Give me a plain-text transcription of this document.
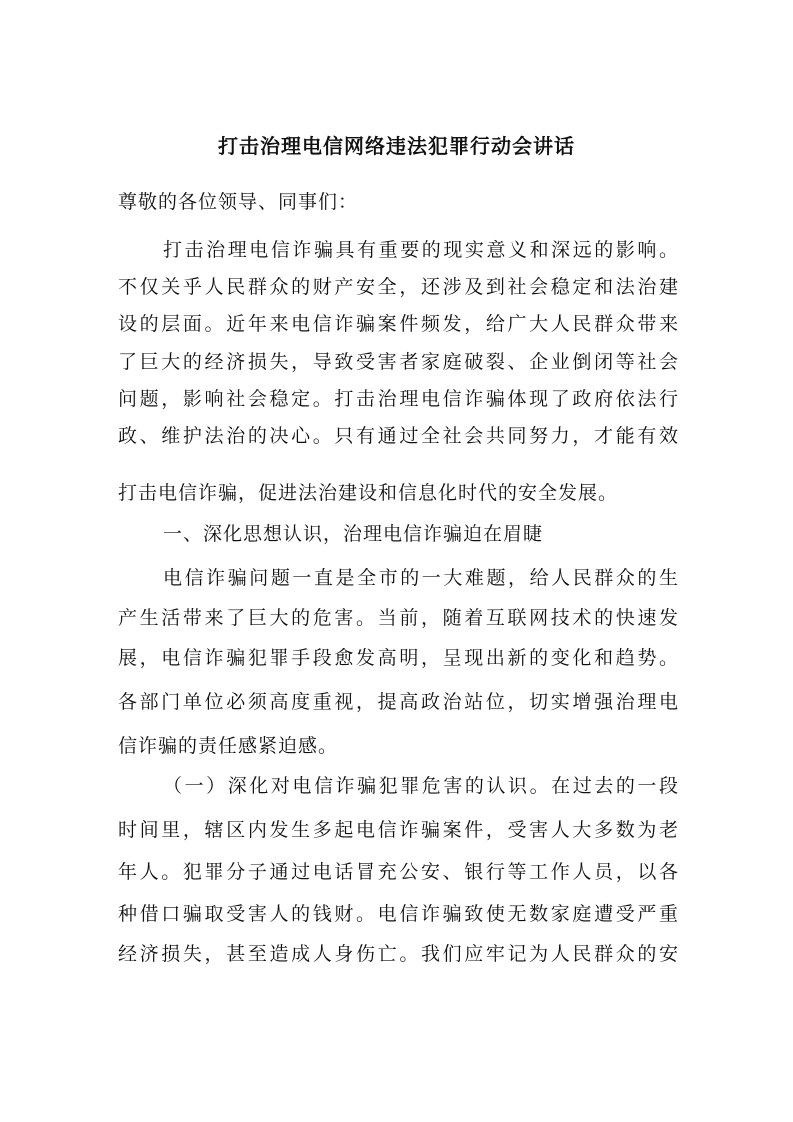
打击治理电信网络违法犯罪行动会讲话
尊敬的各位领导、同事们：
打击治理电信诈骗具有重要的现实意义和深远的影响。
不仅关乎人民群众的财产安全，还涉及到社会稳定和法治建
设的层面。近年来电信诈骗案件频发，给广大人民群众带来
了巨大的经济损失，导致受害者家庭破裂、企业倒闭等社会
问题，影响社会稳定。打击治理电信诈骗体现了政府依法行
政、维护法治的决心。只有通过全社会共同努力，才能有效
打击电信诈骗，促进法治建设和信息化时代的安全发展。
一、深化思想认识，治理电信诈骗迫在眉睫
电信诈骗问题一直是全市的一大难题，给人民群众的生
产生活带来了巨大的危害。当前，随着互联网技术的快速发
展，电信诈骗犯罪手段愈发高明，呈现出新的变化和趋势。
各部门单位必须高度重视，提高政治站位，切实增强治理电
信诈骗的责任感紧迫感。
（一）深化对电信诈骗犯罪危害的认识。在过去的一段
时间里，辖区内发生多起电信诈骗案件，受害人大多数为老
年人。犯罪分子通过电话冒充公安、银行等工作人员，以各
种借口骗取受害人的钱财。电信诈骗致使无数家庭遭受严重
经济损失，甚至造成人身伤亡。我们应牢记为人民群众的安
